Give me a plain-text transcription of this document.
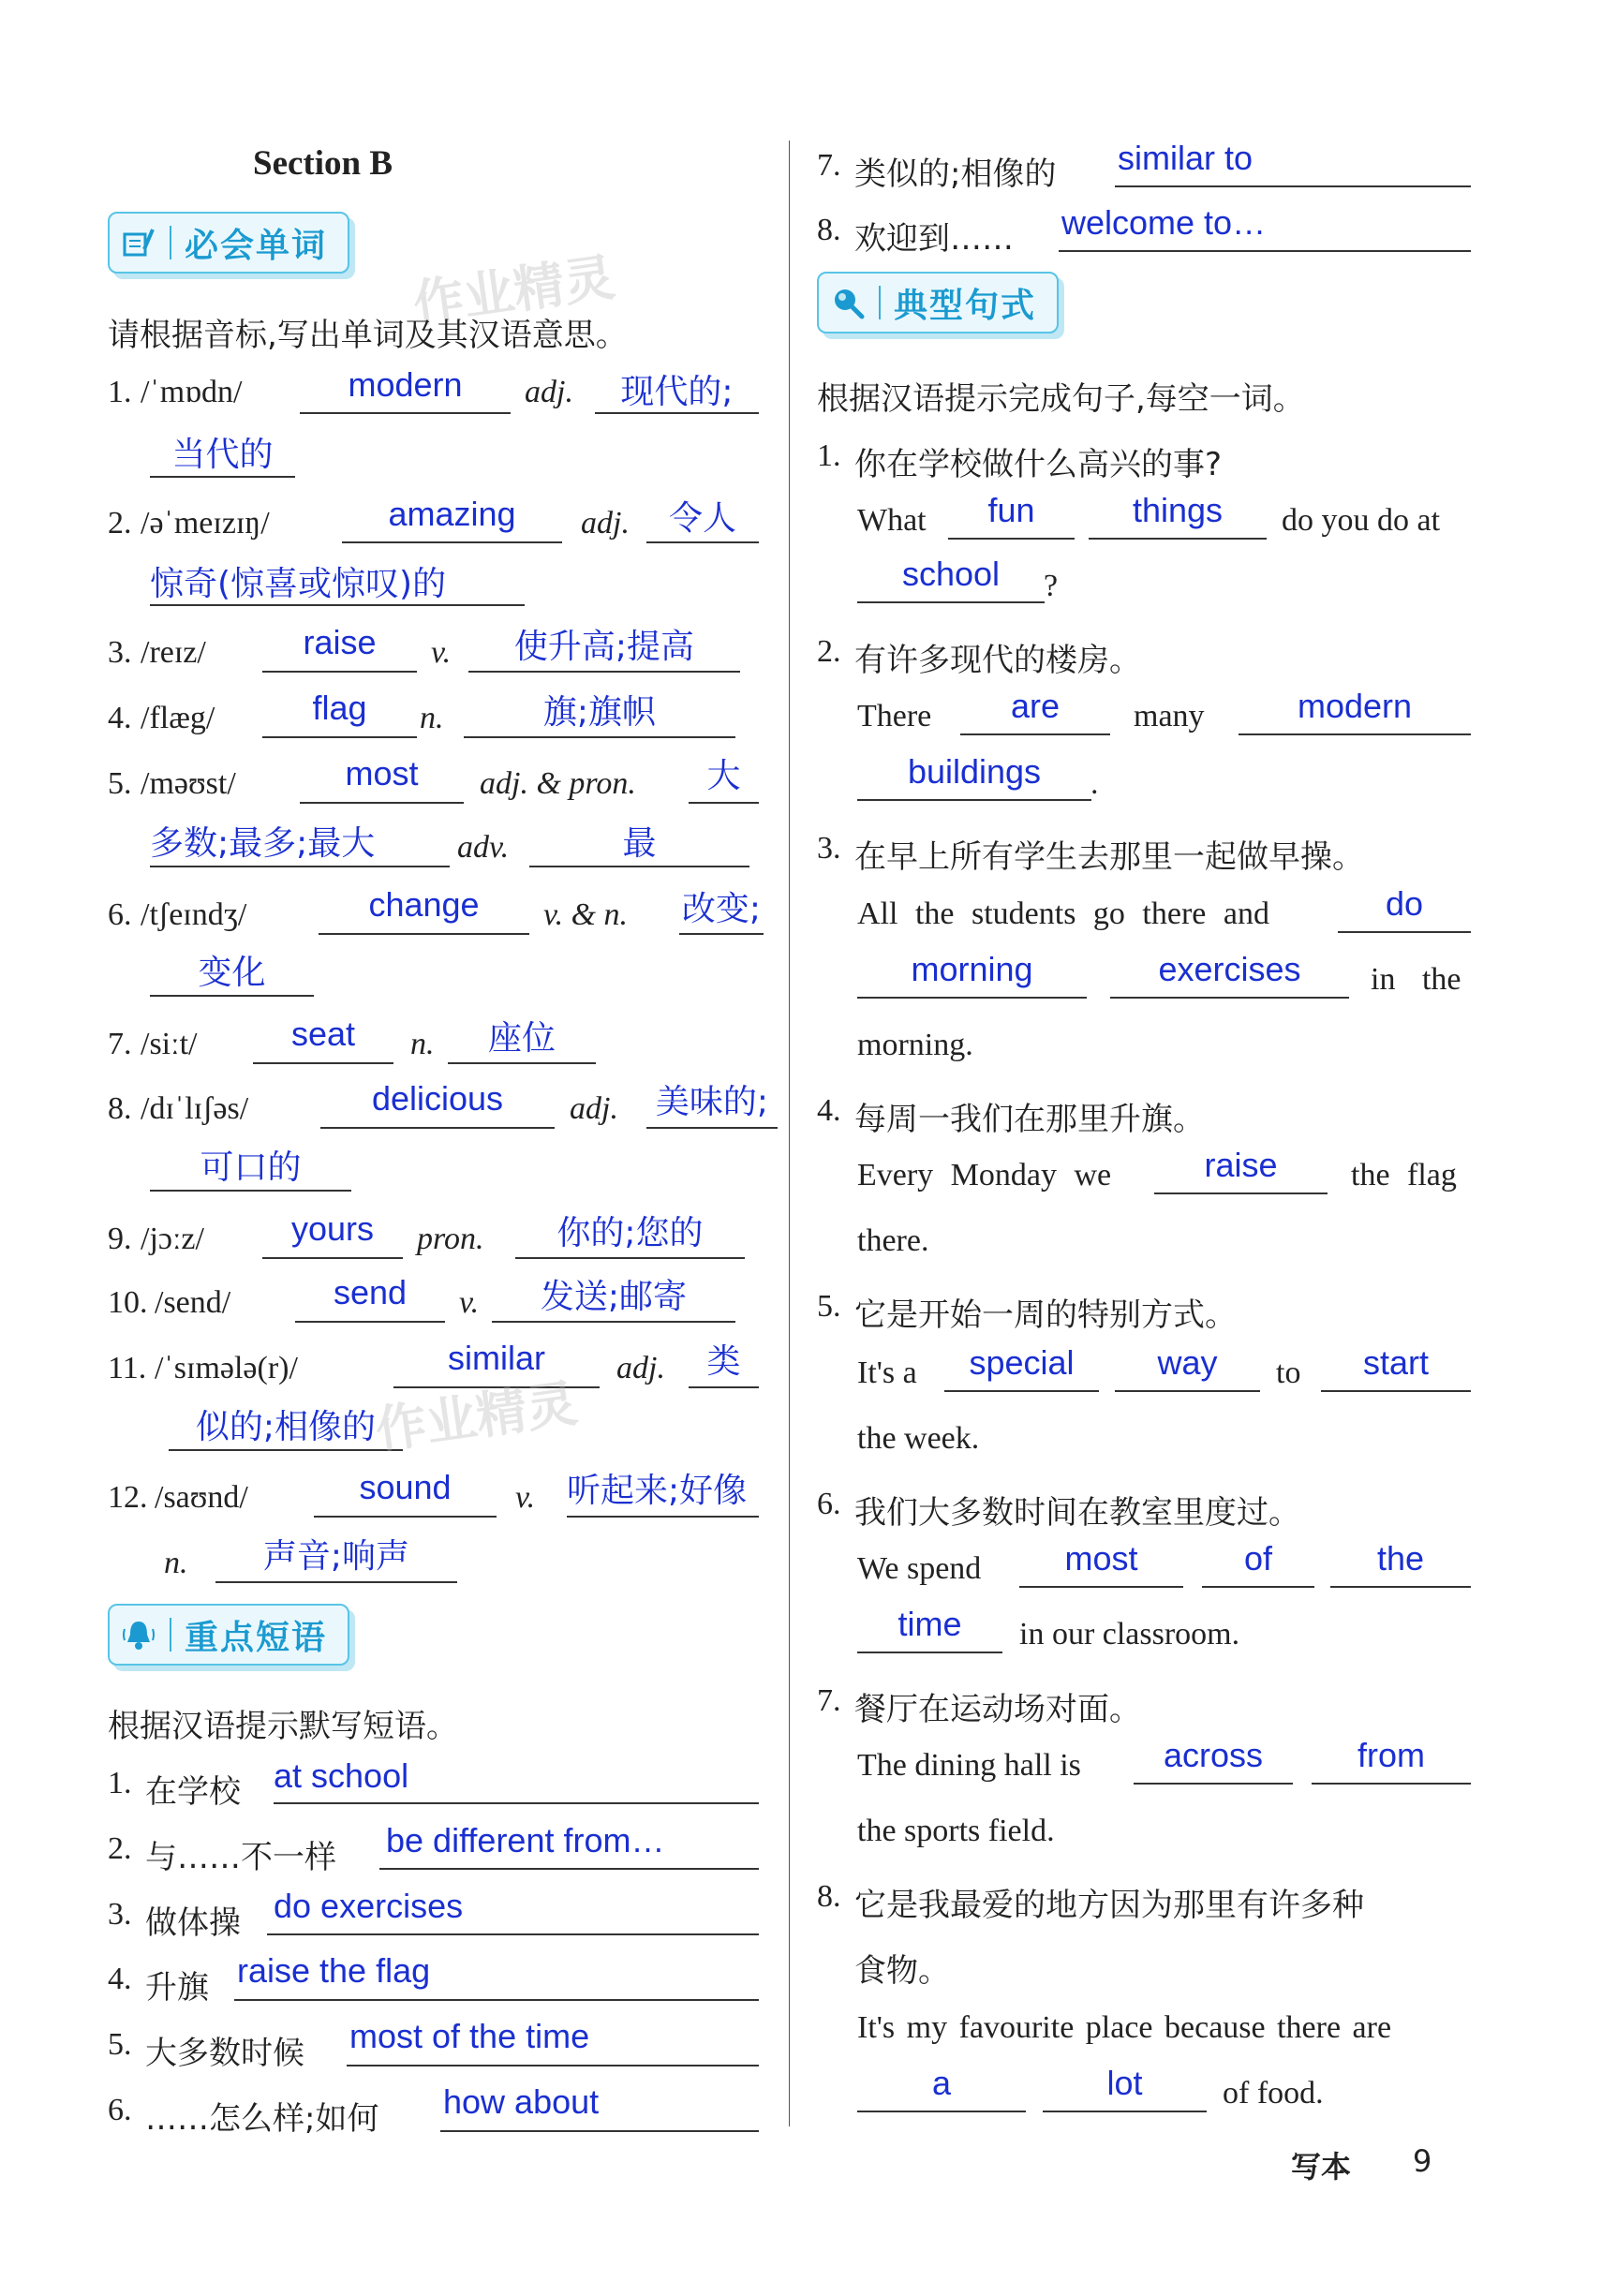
Section B
必会单词
作业精灵
请根据音标,写出单词及其汉语意思。
1. /ˈmɒdn/	modern	adj.	现代的;
当代的
2. /əˈmeɪzɪŋ/	amazing	adj.	令人
惊奇(惊喜或惊叹)的
3. /reɪz/	raise	v.	使升高;提高
4. /flæg/	flag	n.	旗;旗帜
5. /məʊst/	most	adj. & pron.	大
多数;最多;最大	adv.	最
6. /tʃeɪndʒ/	change	v. & n. 改变;
变化
7. /siːt/	seat	n.	座位
8. /dɪˈlɪʃəs/	delicious	adj. 美味的;
可口的
9. /jɔːz/	yours	pron.	你的;您的
10. /send/	send	v.	发送;邮寄
11. /ˈsɪmələ(r)/	similar	adj.	类
似的;相像的
作业精灵
12. /saʊnd/	sound	v. 听起来;好像
n.	声音;响声
重点短语
根据汉语提示默写短语。
1. 在学校 at school
2. 与……不一样 be different from…
3. 做体操 do exercises
4. 升旗 raise the flag
5. 大多数时候 most of the time
6. ……怎么样;如何 how about
7. 类似的;相像的 similar to
8. 欢迎到…… welcome to…
典型句式
根据汉语提示完成句子,每空一词。
1. 你在学校做什么高兴的事?
What	fun	things	do you do at
school	?
2. 有许多现代的楼房。
There	are	many	modern
buildings	.
3. 在早上所有学生去那里一起做早操。
All the students go there and	do
morning	exercises	in the
morning.
4. 每周一我们在那里升旗。
Every Monday we	raise	the flag
there.
5. 它是开始一周的特别方式。
It's a	special	way	to	start
the week.
6. 我们大多数时间在教室里度过。
We spend	most	of	the
time	in our classroom.
7. 餐厅在运动场对面。
The dining hall is	across	from
the sports field.
8. 它是我最爱的地方因为那里有许多种
食物。
It's my favourite place because there are
a	lot	of food.
写本 9
